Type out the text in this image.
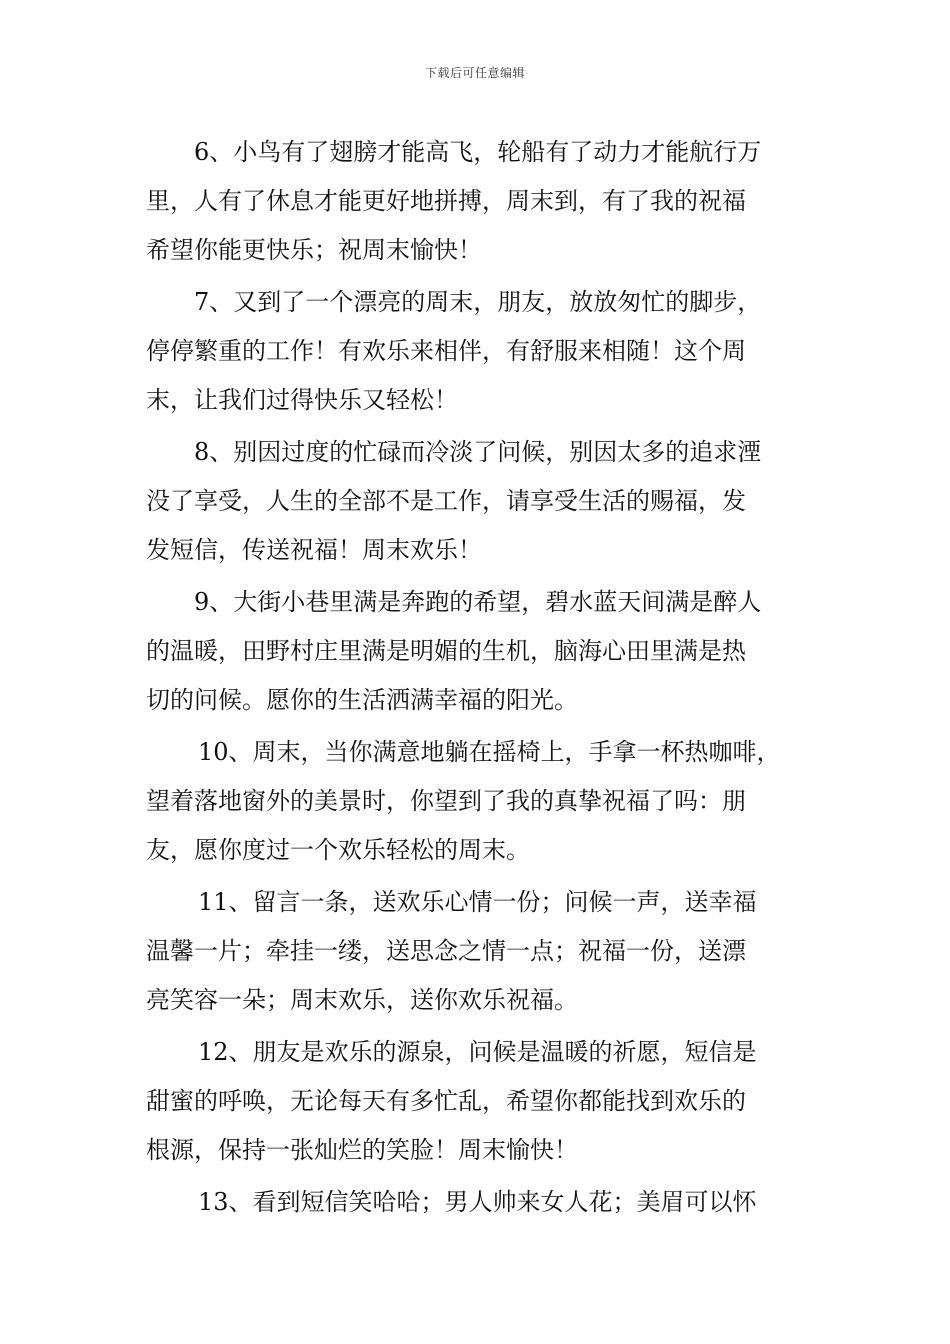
下载后可任意编辑
6、小鸟有了翅膀才能高飞，轮船有了动力才能航行万
里，人有了休息才能更好地拼搏，周末到，有了我的祝福
希望你能更快乐；祝周末愉快！
7、又到了一个漂亮的周末，朋友，放放匆忙的脚步，
停停繁重的工作！有欢乐来相伴，有舒服来相随！这个周
末，让我们过得快乐又轻松！
8、别因过度的忙碌而冷淡了问候，别因太多的追求湮
没了享受，人生的全部不是工作，请享受生活的赐福，发
发短信，传送祝福！周末欢乐！
9、大街小巷里满是奔跑的希望，碧水蓝天间满是醉人
的温暖，田野村庄里满是明媚的生机，脑海心田里满是热
切的问候。愿你的生活洒满幸福的阳光。
10、周末，当你满意地躺在摇椅上，手拿一杯热咖啡，
望着落地窗外的美景时，你望到了我的真挚祝福了吗：朋
友，愿你度过一个欢乐轻松的周末。
11、留言一条，送欢乐心情一份；问候一声，送幸福
温馨一片；牵挂一缕，送思念之情一点；祝福一份，送漂
亮笑容一朵；周末欢乐，送你欢乐祝福。
12、朋友是欢乐的源泉，问候是温暖的祈愿，短信是
甜蜜的呼唤，无论每天有多忙乱，希望你都能找到欢乐的
根源，保持一张灿烂的笑脸！周末愉快！
13、看到短信笑哈哈；男人帅来女人花；美眉可以怀
